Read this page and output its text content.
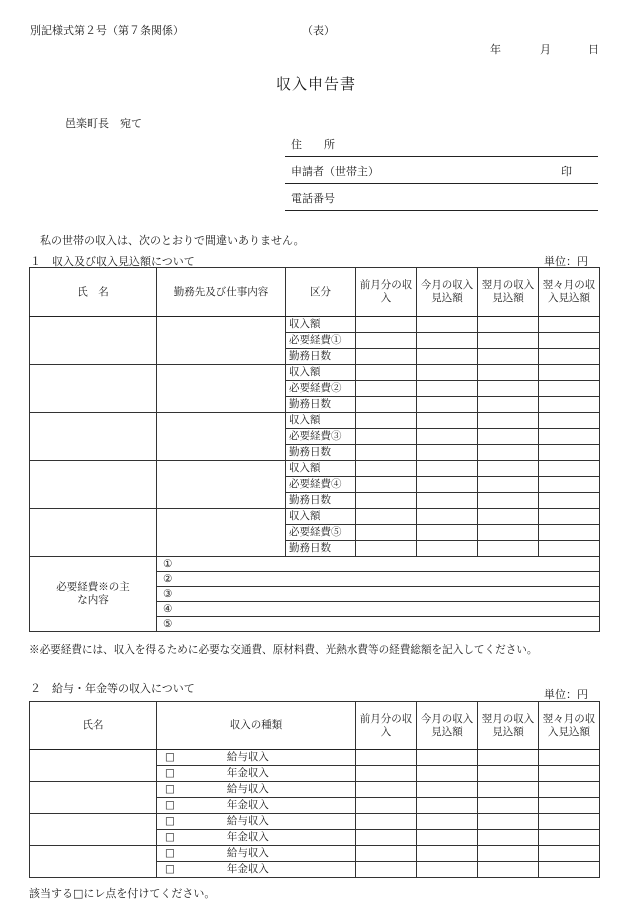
別記様式第２号（第７条関係）	（表）
年	月	日
収入申告書
邑楽町長　宛て
住　　所
申請者（世帯主）	印
電話番号
私の世帯の収入は、次のとおりで間違いありません。
１　収入及び収入見込額について	単位：円
氏　名	勤務先及び仕事内容	区分	前月分の収入	今月の収入見込額	翌月の収入見込額	翌々月の収入見込額
		収入額				
		必要経費①				
		勤務日数				
		収入額				
		必要経費②				
		勤務日数				
		収入額				
		必要経費③				
		勤務日数				
		収入額				
		必要経費④				
		勤務日数				
		収入額				
		必要経費⑤				
		勤務日数				
必要経費※の主な内容	①					
	②					
	③					
	④					
	⑤					
※必要経費には、収入を得るために必要な交通費、原材料費、光熱水費等の経費総額を記入してください。
２　給与・年金等の収入について	単位：円
氏名	収入の種類	前月分の収入	今月の収入見込額	翌月の収入見込額	翌々月の収入見込額
	□ 給与収入				
	□ 年金収入				
	□ 給与収入				
	□ 年金収入				
	□ 給与収入				
	□ 年金収入				
	□ 給与収入				
	□ 年金収入				
該当する□にレ点を付けてください。
